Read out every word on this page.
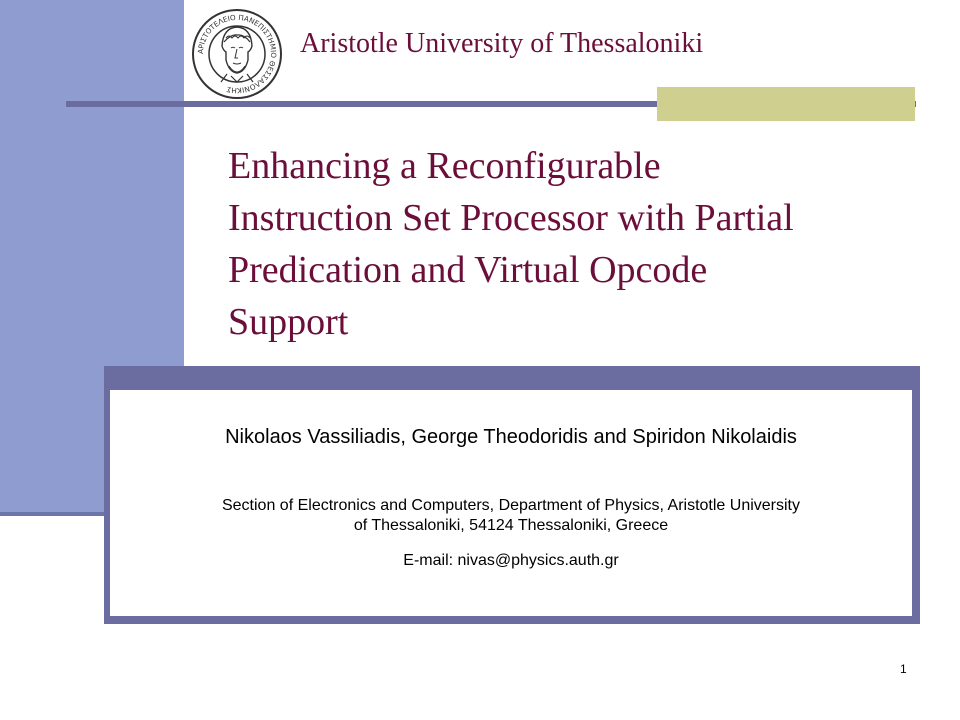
ΑΡΙΣΤΟΤΕΛΕΙΟ ΠΑΝΕΠΙΣΤΗΜΙΟ ΘΕΣΣΑΛΟΝΙΚΗΣ
Aristotle University of Thessaloniki
Enhancing a Reconfigurable
Instruction Set Processor with Partial
Predication and Virtual Opcode
Support
Nikolaos Vassiliadis, George Theodoridis and Spiridon Nikolaidis
Section of Electronics and Computers, Department of Physics, Aristotle University
of Thessaloniki, 54124 Thessaloniki, Greece
E-mail: nivas@physics.auth.gr
1
